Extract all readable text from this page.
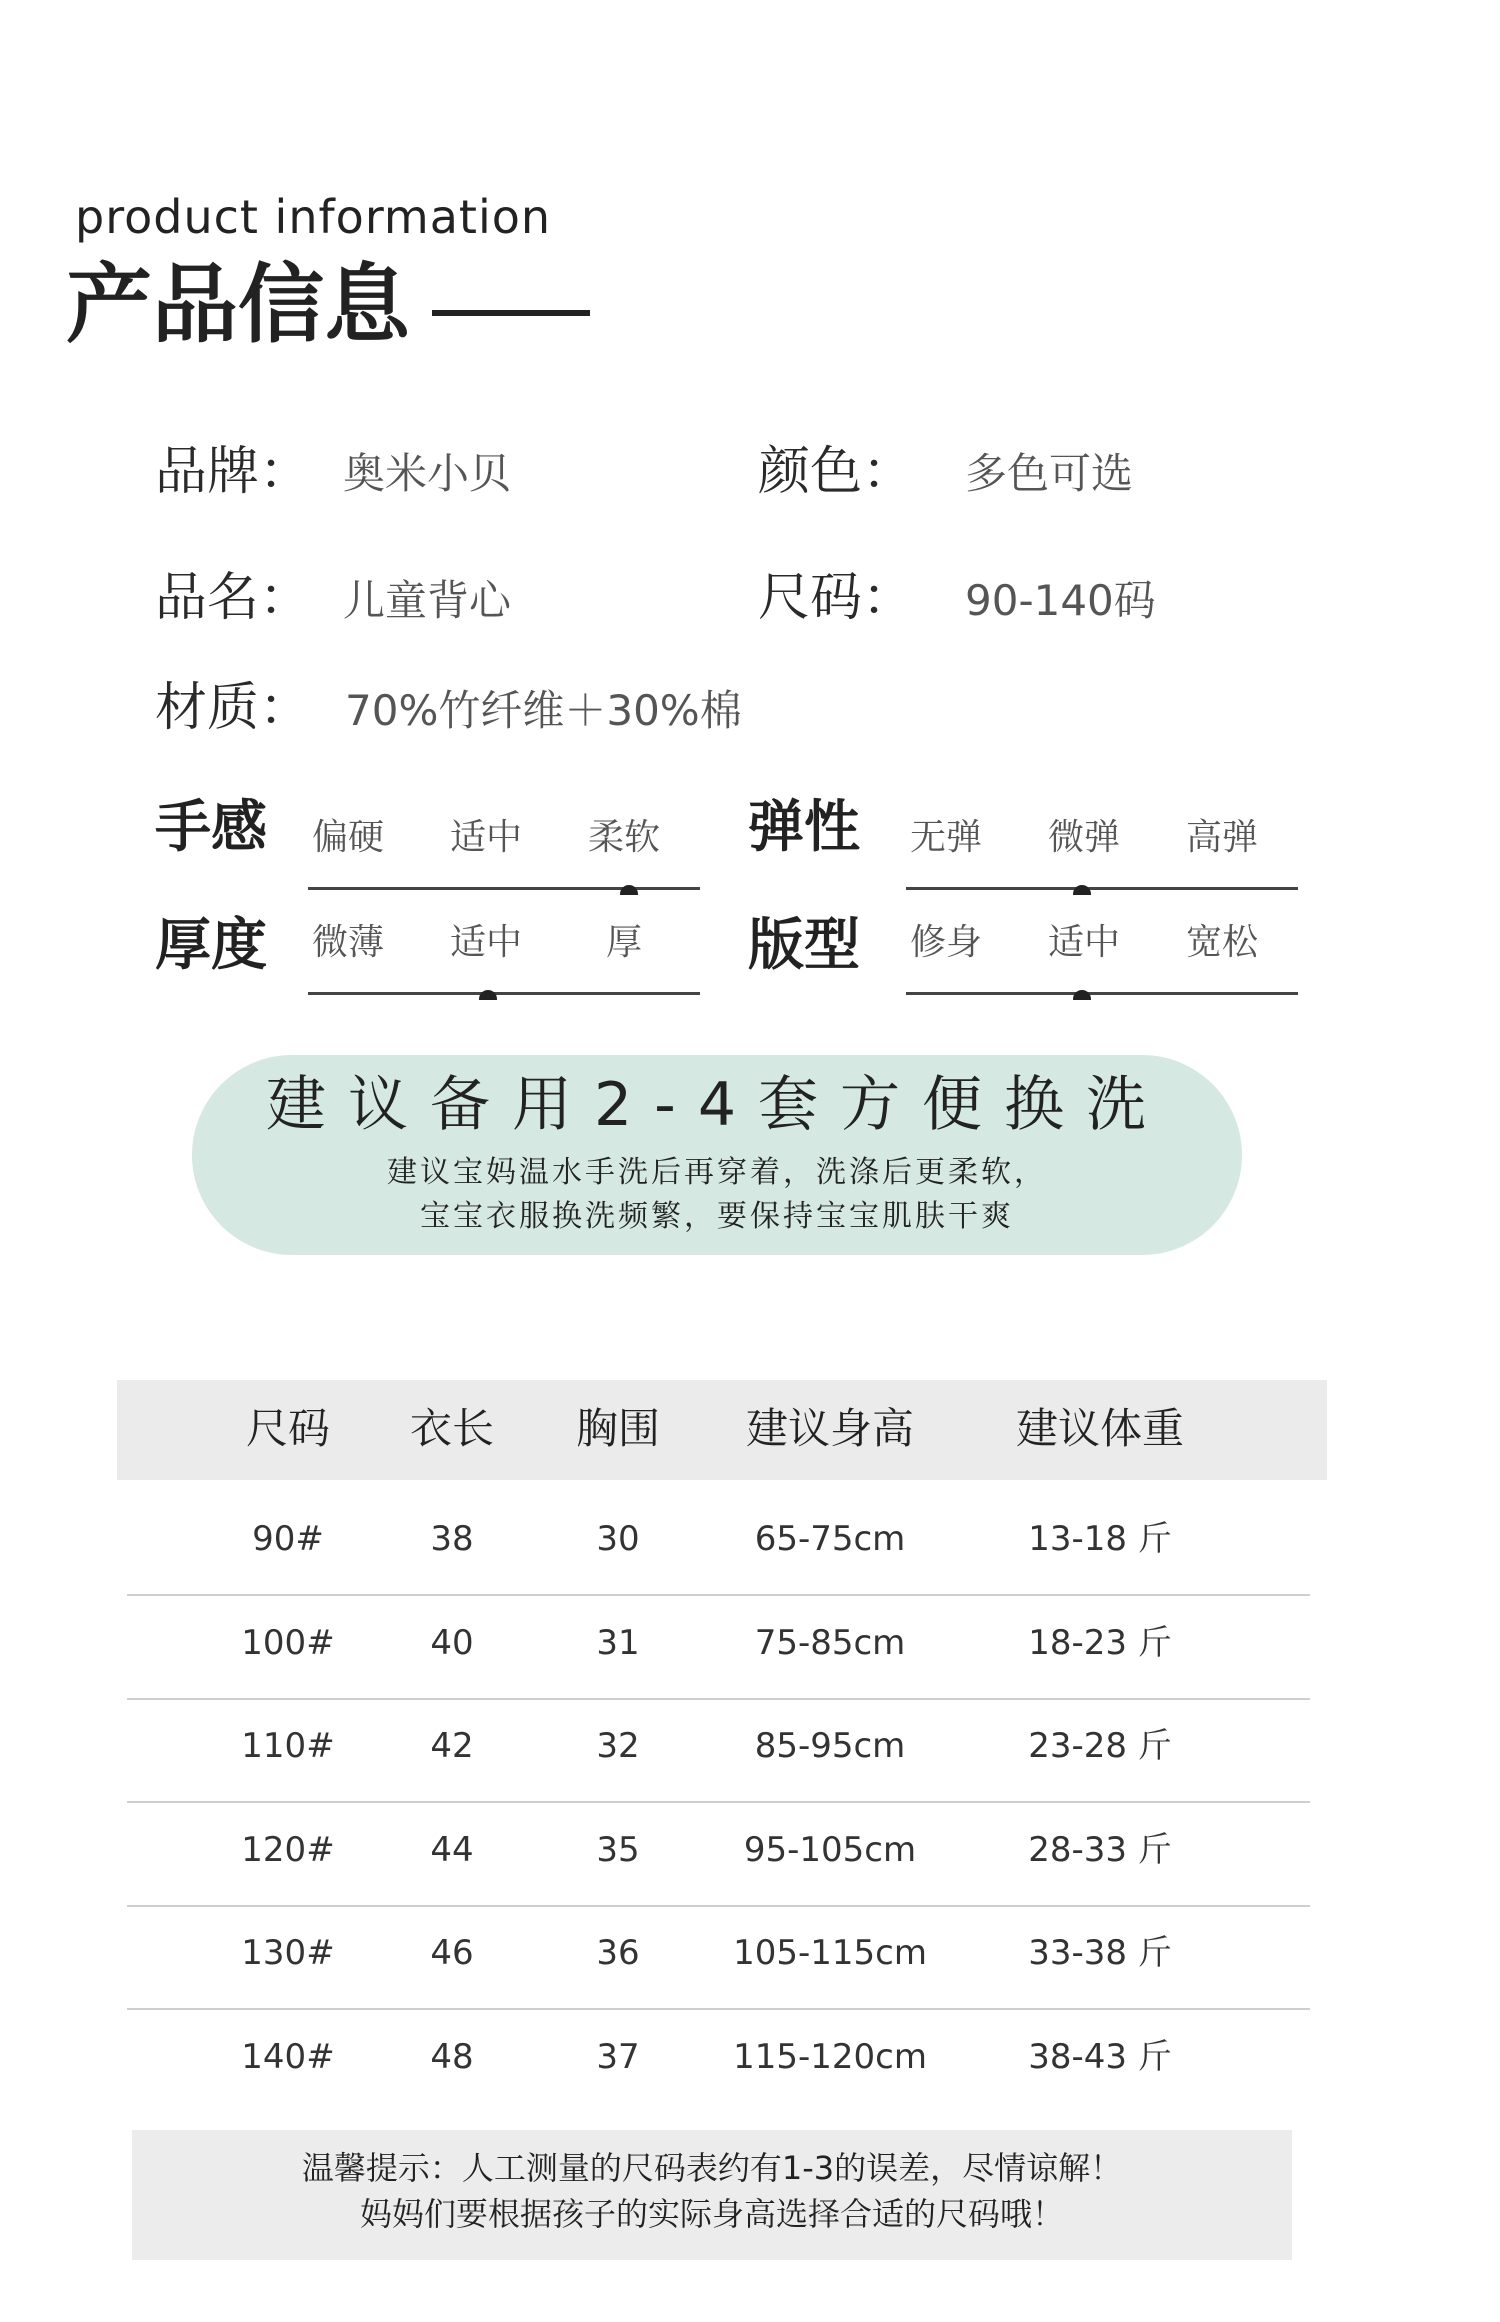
product information
产品信息
品牌： 奥米小贝	颜色： 多色可选
品名： 儿童背心	尺码： 90-140码
材质： 70%竹纤维＋30%棉
手感 偏硬 适中 柔软 弹性 无弹 微弹 高弹
厚度 微薄 适中 厚 版型 修身 适中 宽松
建议备用2-4套方便换洗
建议宝妈温水手洗后再穿着，洗涤后更柔软，
宝宝衣服换洗频繁，要保持宝宝肌肤干爽
尺码	衣长	胸围	建议身高	建议体重
90#	38	30	65-75cm	13-18 斤
100#	40	31	75-85cm	18-23 斤
110#	42	32	85-95cm	23-28 斤
120#	44	35	95-105cm	28-33 斤
130#	46	36	105-115cm	33-38 斤
140#	48	37	115-120cm	38-43 斤
温馨提示：人工测量的尺码表约有1-3的误差，尽情谅解！
妈妈们要根据孩子的实际身高选择合适的尺码哦！
